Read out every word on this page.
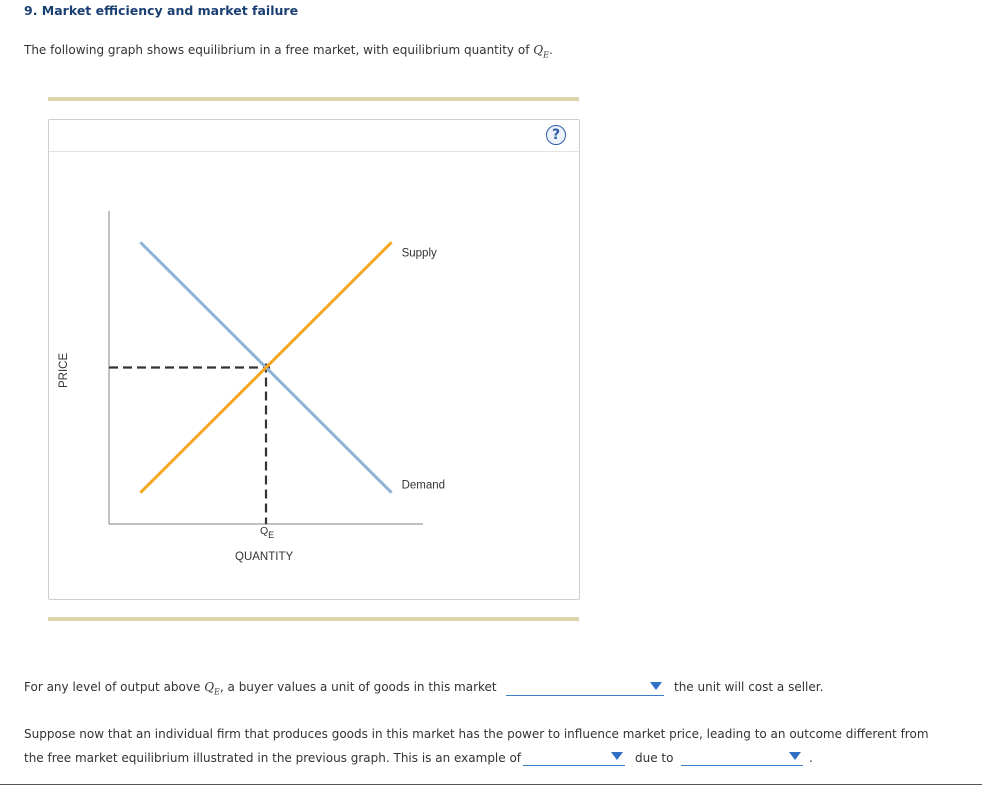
9. Market efficiency and market failure
The following graph shows equilibrium in a free market, with equilibrium quantity of $Q_E$.
?
Supply
Demand
QE
QUANTITY
PRICE
For any level of output above $Q_E$, a buyer values a unit of goods in this market	the unit will cost a seller.
Suppose now that an individual firm that produces goods in this market has the power to influence market price, leading to an outcome different from
the free market equilibrium illustrated in the previous graph. This is an example of	due to	.
